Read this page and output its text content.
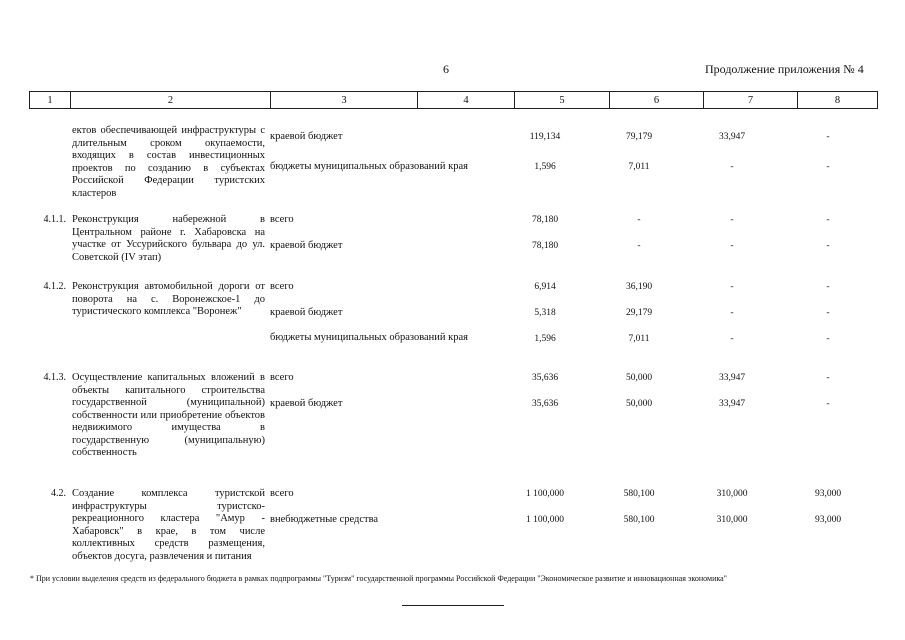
6	Продолжение приложения № 4
1	2	3	4	5	6	7	8

ектов обеспечивающей инфраструктуры с длительным сроком окупаемости, входящих в состав инвестиционных проектов по созданию в субъектах Российской Федерации туристских кластеров

краевой бюджет	119,134	79,179	33,947	-
бюджеты муниципальных образований края	1,596	7,011	-	-
4.1.1. Реконструкция набережной в Центральном районе г. Хабаровска на участке от Уссурийского бульвара до ул. Советской (IV этап)

всего	78,180	-	-	-
краевой бюджет	78,180	-	-	-
4.1.2. Реконструкция автомобильной дороги от поворота на с. Воронежское-1 до туристического комплекса "Воронеж"

всего	6,914	36,190	-	-
краевой бюджет	5,318	29,179	-	-
бюджеты муниципальных образований края	1,596	7,011	-	-
4.1.3. Осуществление капитальных вложений в объекты капитального строительства государственной (муниципальной) собственности или приобретение объектов недвижимого имущества в государственную (муниципальную) собственность

всего	35,636	50,000	33,947	-
краевой бюджет	35,636	50,000	33,947	-
4.2. Создание комплекса туристской инфраструктуры туристско-рекреационного кластера "Амур - Хабаровск" в крае, в том числе коллективных средств размещения, объектов досуга, развлечения и питания

всего	1 100,000	580,100	310,000	93,000
внебюджетные средства	1 100,000	580,100	310,000	93,000
* При условии выделения средств из федерального бюджета в рамках подпрограммы "Туризм" государственной программы Российской Федерации "Экономическое развитие и инновационная экономика"
